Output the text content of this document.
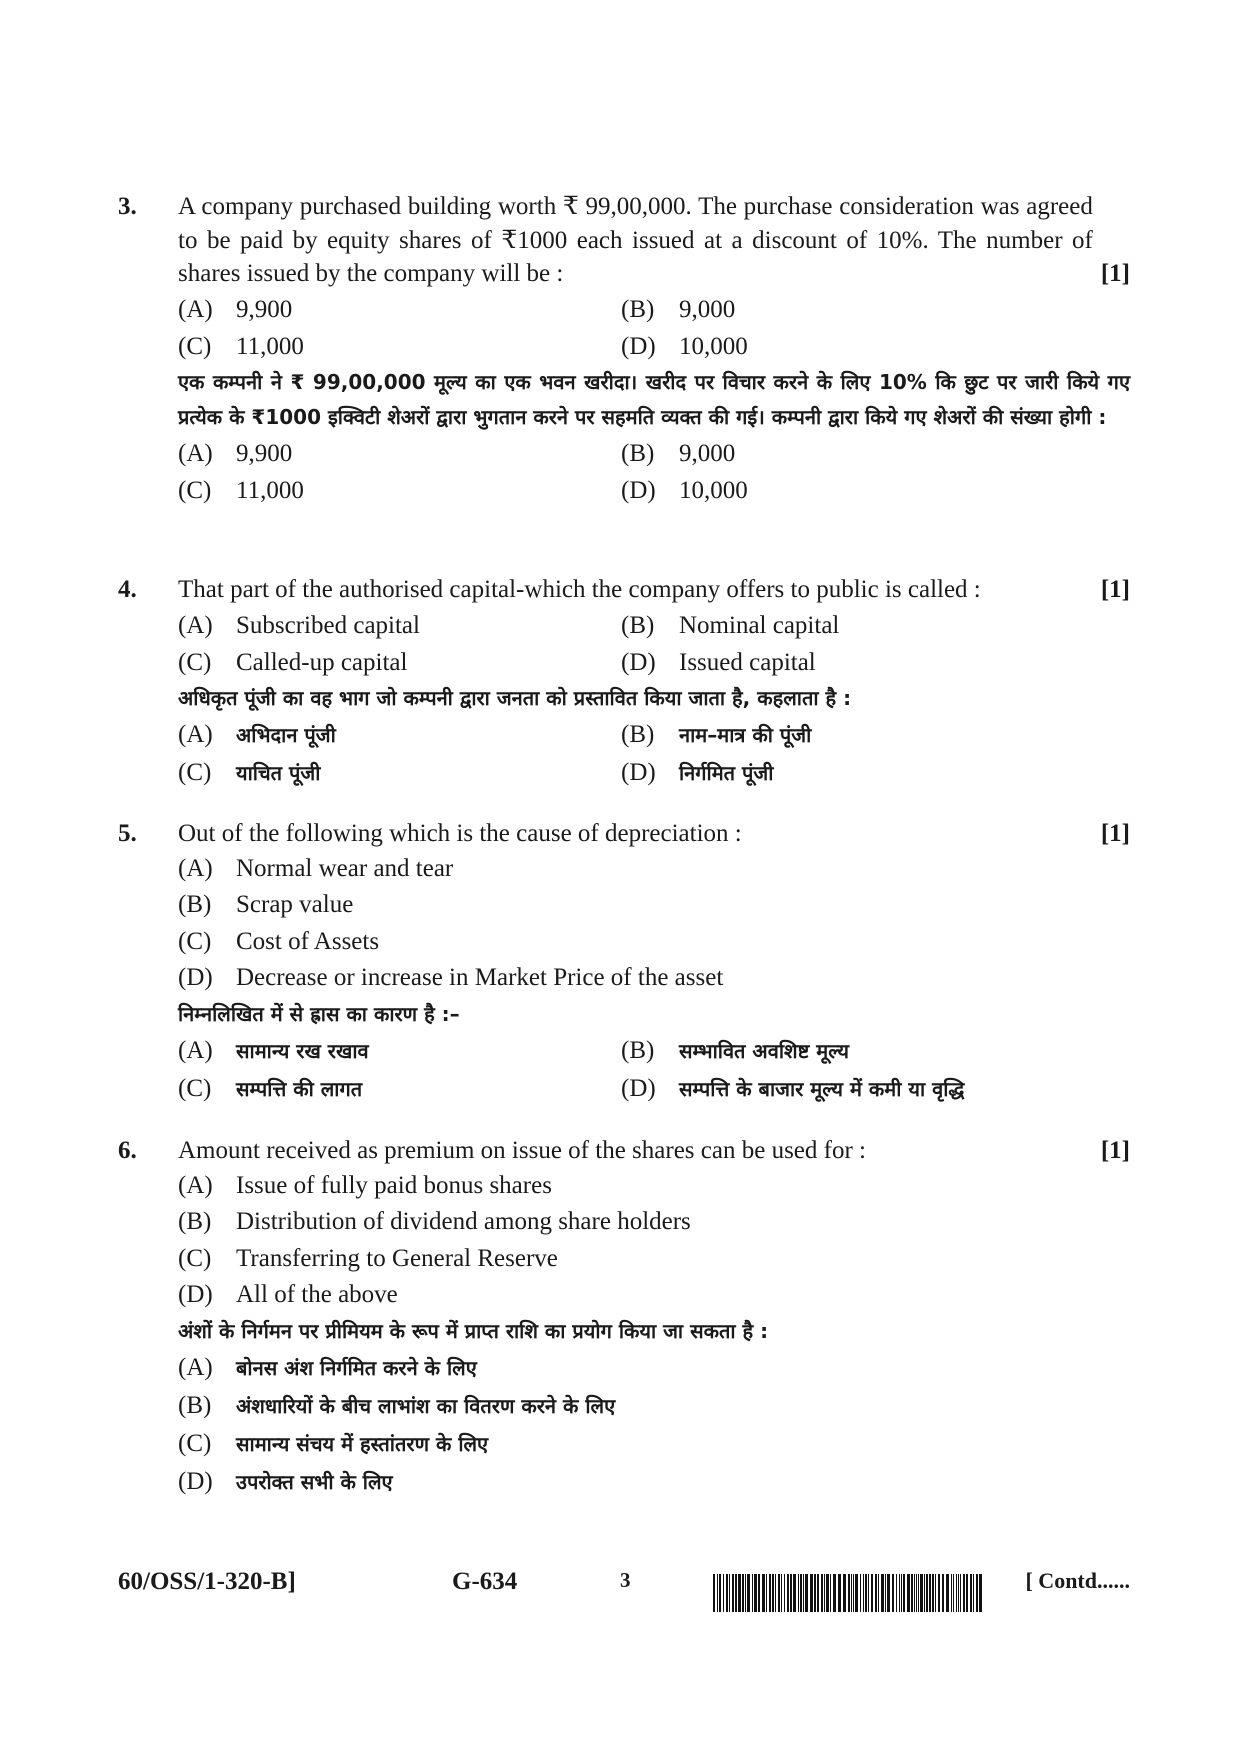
3.
[1]
A company purchased building worth ₹ 99,00,000. The purchase consideration was agreed to be paid by equity shares of ₹1000 each issued at a discount of 10%. The number of shares issued by the company will be :
(A) 9,900	(B) 9,000
(C) 11,000	(D) 10,000
एक कम्पनी ने ₹ 99,00,000 मूल्य का एक भवन खरीदा। खरीद पर विचार करने के लिए 10% कि छुट पर जारी किये गए प्रत्येक के ₹1000 इक्विटी शेअरों द्वारा भुगतान करने पर सहमति व्यक्त की गई। कम्पनी द्वारा किये गए शेअरों की संख्या होगी :
(A) 9,900	(B) 9,000
(C) 11,000	(D) 10,000
4.	[1]
That part of the authorised capital-which the company offers to public is called :
(A) Subscribed capital	(B) Nominal capital
(C) Called-up capital	(D) Issued capital
अधिकृत पूंजी का वह भाग जो कम्पनी द्वारा जनता को प्रस्तावित किया जाता है, कहलाता है :
(A) अभिदान पूंजी	(B) नाम–मात्र की पूंजी
(C) याचित पूंजी	(D) निर्गमित पूंजी
5.	[1]
Out of the following which is the cause of depreciation :
(A) Normal wear and tear
(B) Scrap value
(C) Cost of Assets
(D) Decrease or increase in Market Price of the asset
निम्नलिखित में से ह्रास का कारण है :–
(A) सामान्य रख रखाव	(B) सम्भावित अवशिष्ट मूल्य
(C) सम्पत्ति की लागत	(D) सम्पत्ति के बाजार मूल्य में कमी या वृद्धि
6.	[1]
Amount received as premium on issue of the shares can be used for :
(A) Issue of fully paid bonus shares
(B) Distribution of dividend among share holders
(C) Transferring to General Reserve
(D) All of the above
अंशों के निर्गमन पर प्रीमियम के रूप में प्राप्त राशि का प्रयोग किया जा सकता है :
(A) बोनस अंश निर्गमित करने के लिए
(B) अंशधारियों के बीच लाभांश का वितरण करने के लिए
(C) सामान्य संचय में हस्तांतरण के लिए
(D) उपरोक्त सभी के लिए
60/OSS/1-320-B]	G-634	3	[ Contd......
